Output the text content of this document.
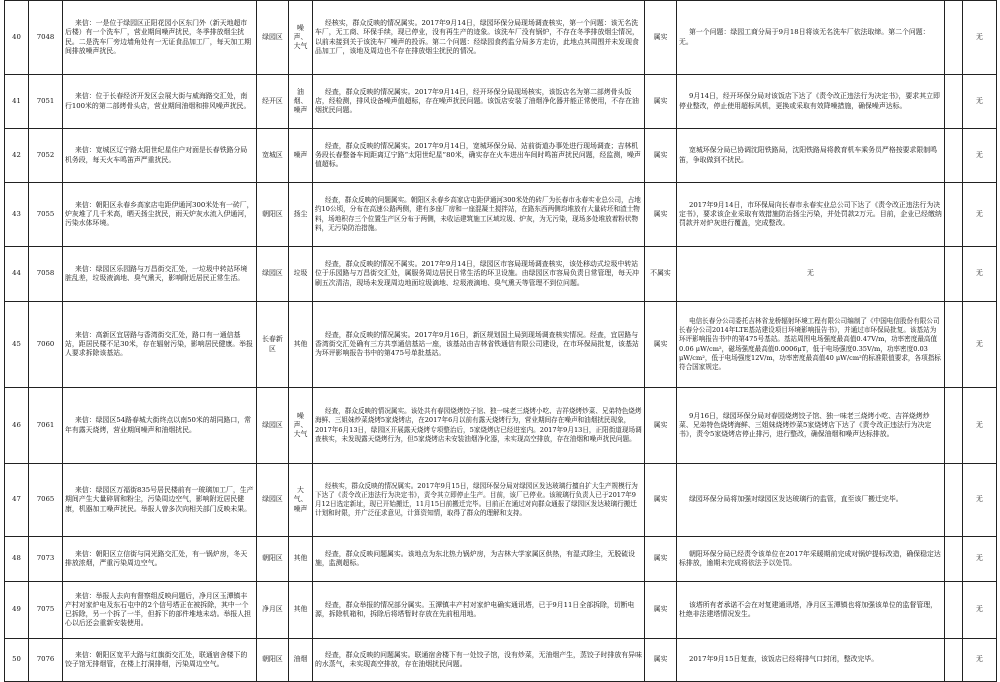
40	7048	来信：一是位于绿园区正阳花园小区东门外（新天地超市后楼）有一个洗车厂，营业期间噪声扰民，冬季排放烟尘扰民。二是洗车厂旁边墙角处有一无证食品加工厂，每天加工期间排放噪声扰民。	绿园区	噪声、大气	经核实，群众反映的情况属实。2017年9月14日，绿园环保分局现场调查核实，第一个问题：该无名洗车厂，无工商、环保手续，现已停业，没有再生产的迹象。该洗车厂没有锅炉，不存在冬季排放烟尘情况，以前未接到关于该洗车厂噪声的投诉。第二个问题：经绿园食药监分局多方走访，此地点其周围并未发现食品加工厂，该地及周边也不存在排放烟尘扰民的情况。	属实	第一个问题：绿园工商分局于9月18日将该无名洗车厂依法取缔。第二个问题：无。		无
41	7051	来信：位于长春经济开发区会展大街与威海路交汇处，南行100米的第二部烤骨头店，营业期间油烟和排风噪声扰民。	经开区	油烟、噪声	经查，群众反映的情况属实。2017年9月14日，经开环保分局现场核实，该饭店名为第二部烤骨头饭店，经检测，排风设备噪声值超标，存在噪声扰民问题。该饭店安装了油烟净化器并能正常使用，不存在油烟扰民问题。	属实	9月14日，经开环保分局对该饭店下达了《责令改正违法行为决定书》，要求其立即停业整改，停止使用超标风机，更换或采取有效降噪措施，确保噪声达标。		无
42	7052	来信：宽城区辽宁路太阳世纪星住户对面是长春铁路分局机务段，每天火车鸣笛声严重扰民。	宽城区	噪声	经查，群众反映的情况属实。2017年9月14日，宽城环保分局、站前街道办事处进行现场调查；吉林机务段长春整备车间距离辽宁路“太阳世纪星”80米，确实存在火车进出车间时鸣笛声扰民问题，经监测，噪声值超标。	属实	宽城环保分局已协调沈阳铁路局，沈阳铁路局将教育机车乘务员严格按要求限制鸣笛，争取做到不扰民。		无
43	7055	来信：朝阳区永春乡高家店屯距伊通河300米处有一砖厂，炉灰堆了几千米高，晒天扬尘扰民，雨天炉灰水流入伊通河，污染水体环境。	朝阳区	扬尘	经查，群众反映的问题属实。朝阳区永春乡高家店屯距伊通河300米处的砖厂为长春市永春实业总公司，占地约10公顷，分布在高速公路两侧，建有多座厂房和一座混凝土搅拌站，在路东西两侧均堆放有大量砖坯和渣土物料，场地积存三个位置生产区分布于两侧，未收运建筑施工区域垃圾、炉灰，为无污染，现场多处堆放着粉状物料，无污染防治措施。	属实	2017年9月14日，市环保局向长春市永春实业总公司下达了《责令改正违法行为决定书》，要求该企业采取有效措施防治扬尘污染，并处罚款2万元。目前，企业已经缴纳罚款并对炉灰进行覆盖，完成整改。		无
44	7058	来信：绿园区乐园路与万昌街交汇处，一垃圾中转站环境脏乱差，垃圾液滴地、臭气熏天，影响附近居民正常生活。	绿园区	垃圾	经查，群众反映的情况不属实。2017年9月14日，绿园区市容局现场调查核实，该处移动式垃圾中转站位于乐园路与万昌街交汇处，属服务周边居民日常生活的环卫设施。由绿园区市容局负责日常管理，每天冲刷五次清洁，现场未发现周边地面垃圾滴地、垃圾液滴地、臭气熏天等管理不到位问题。	不属实	无		无
45	7060	来信：高新区宜居路与香湾街交汇处，路口有一通信基站，距居民楼不足30米，存在辐射污染，影响居民健康。举报人要求拆除该基站。	长春新区	其他	经查，群众反映的情况属实。2017年9月16日，新区规划国土局到现场调查核实情况。经查，宜居路与香湾街交汇处确有三方共享通信基站一座，该基站由吉林省铁通信有限公司建设，在市环保局批复，该基站为环评影响报告书中的第475号单批基站。	属实	电信长春分公司委托吉林省龙桥辐射环境工程有限公司编制了《中国电信股份有限公司长春分公司2014年LTE基站建设项目环境影响报告书》，并通过市环保局批复。该基站为环评影响报告书中的第475号基站。基站周围电场强度最高值0.47V/m，功率密度最高值0.06 μW/cm²，磁场强度最高值0.0006μT，低于电场强度0.35V/m，功率密度0.03 μW/cm²，低于电场强度12V/m，功率密度最高值40 μW/cm²的标准限值要求，各项指标符合国家规定。		无
46	7061	来信：绿园区54路春城大街终点以南50米的胡同路口，常年有露天烧烤，营业期间噪声和油烟扰民。	绿园区	噪声、大气	经查，群众反映的情况属实。该处共有春园烧烤饺子馆、独一味老三烧烤小吃、吉祥烧烤炒菜、兄弟特色烧烤海鲜、三姐妹炒菜烧烤5家烧烤店，在2017年6月以前有露天烧烤行为，营业期间存在噪声和油烟扰民现象，2017年6月13日，绿园区开展露天烧烤专项整治后，5家烧烤店已经进室内。2017年9月13日，正阳街道现场调查核实，未发现露天烧烤行为，但5家烧烤店未安装油烟净化器，未实现高空排放，存在油烟和噪声扰民问题。	属实	9月16日，绿园环保分局对春园烧烤饺子馆、独一味老三烧烤小吃、吉祥烧烤炒菜、兄弟特色烧烤海鲜、三姐妹烧烤炒菜5家烧烤店下达了《责令改正违法行为决定书》，责令5家烧烤店停止排污，进行整改，确保油烟和噪声达标排放。		无
47	7065	来信：绿园区万福街835号居民楼前有一玻璃加工厂，生产期间产生大量碎屑和粉尘，污染周边空气，影响附近居民健康，机器加工噪声扰民。举报人曾多次向相关部门反映未果。	绿园区	大气、噪声	经核实，群众反映的情况属实。2017年9月15日，绿园环保分局对绿园区发达玻璃行擅自扩大生产规模行为下达了《责令改正违法行为决定书》，责令其立即停止生产。目前，该厂已停业。该玻璃行负责人已于2017年9月12日选定新址，现已开始搬迁，11月15日前搬迁完毕。目前正在通过对向群众通报了绿园区发达玻璃行搬迁计划和时限，并广泛征求意见，计算资知情，取得了群众的理解和支持。	属实	绿园环保分局将加强对绿园区发达玻璃行的监管，直至该厂搬迁完毕。		无
48	7073	来信：朝阳区立信街与同光路交汇处，有一锅炉房，冬天排放浓烟，严重污染周边空气。	朝阳区	其他	经查，群众反映问题属实。该地点为东北热力锅炉房，为吉林大学家属区供热，有湿式除尘，无脱硫设施，监测超标。	属实	朝阳环保分局已经责令该单位在2017年采暖期前完成对锅炉提标改造，确保稳定达标排放，逾期未完成将依法予以处罚。		无
49	7075	来信：举报人去向有督察组反映问题后，净月区玉潭镇丰产村对家炉电及东石屯中的2个信号塔正在被拆除，其中一个已拆除，另一个拆了一半，但拆下的部件堆地未动。举报人担心以后还会重新安装使用。	净月区	其他	经查，群众举报的情况部分属实。玉潭镇丰产村对家炉电确实通讯塔，已于9月11日全部拆除，切断电源，拆除机箱和，拆除后将塔暂时存放在先前租用地。	属实	该塔所有者承诺不会在对复建通讯塔，净月区玉潭镇也将加强该单位的监督管理，杜绝非法建塔情况发生。		无
50	7076	来信：朝阳区宽平大路与红旗街交汇处，联通宿舍楼下的饺子馆无排烟管，在楼上打洞排烟，污染周边空气。	朝阳区	油烟	经查，群众反映的问题属实。联通宿舍楼下有一处饺子馆，没有炒菜，无油烟产生，蒸饺子时排放有异味的水蒸气，未实现高空排放，存在油烟扰民问题。	属实	2017年9月15日复查，该饭店已经将排气口封闭，整改完毕。		无
